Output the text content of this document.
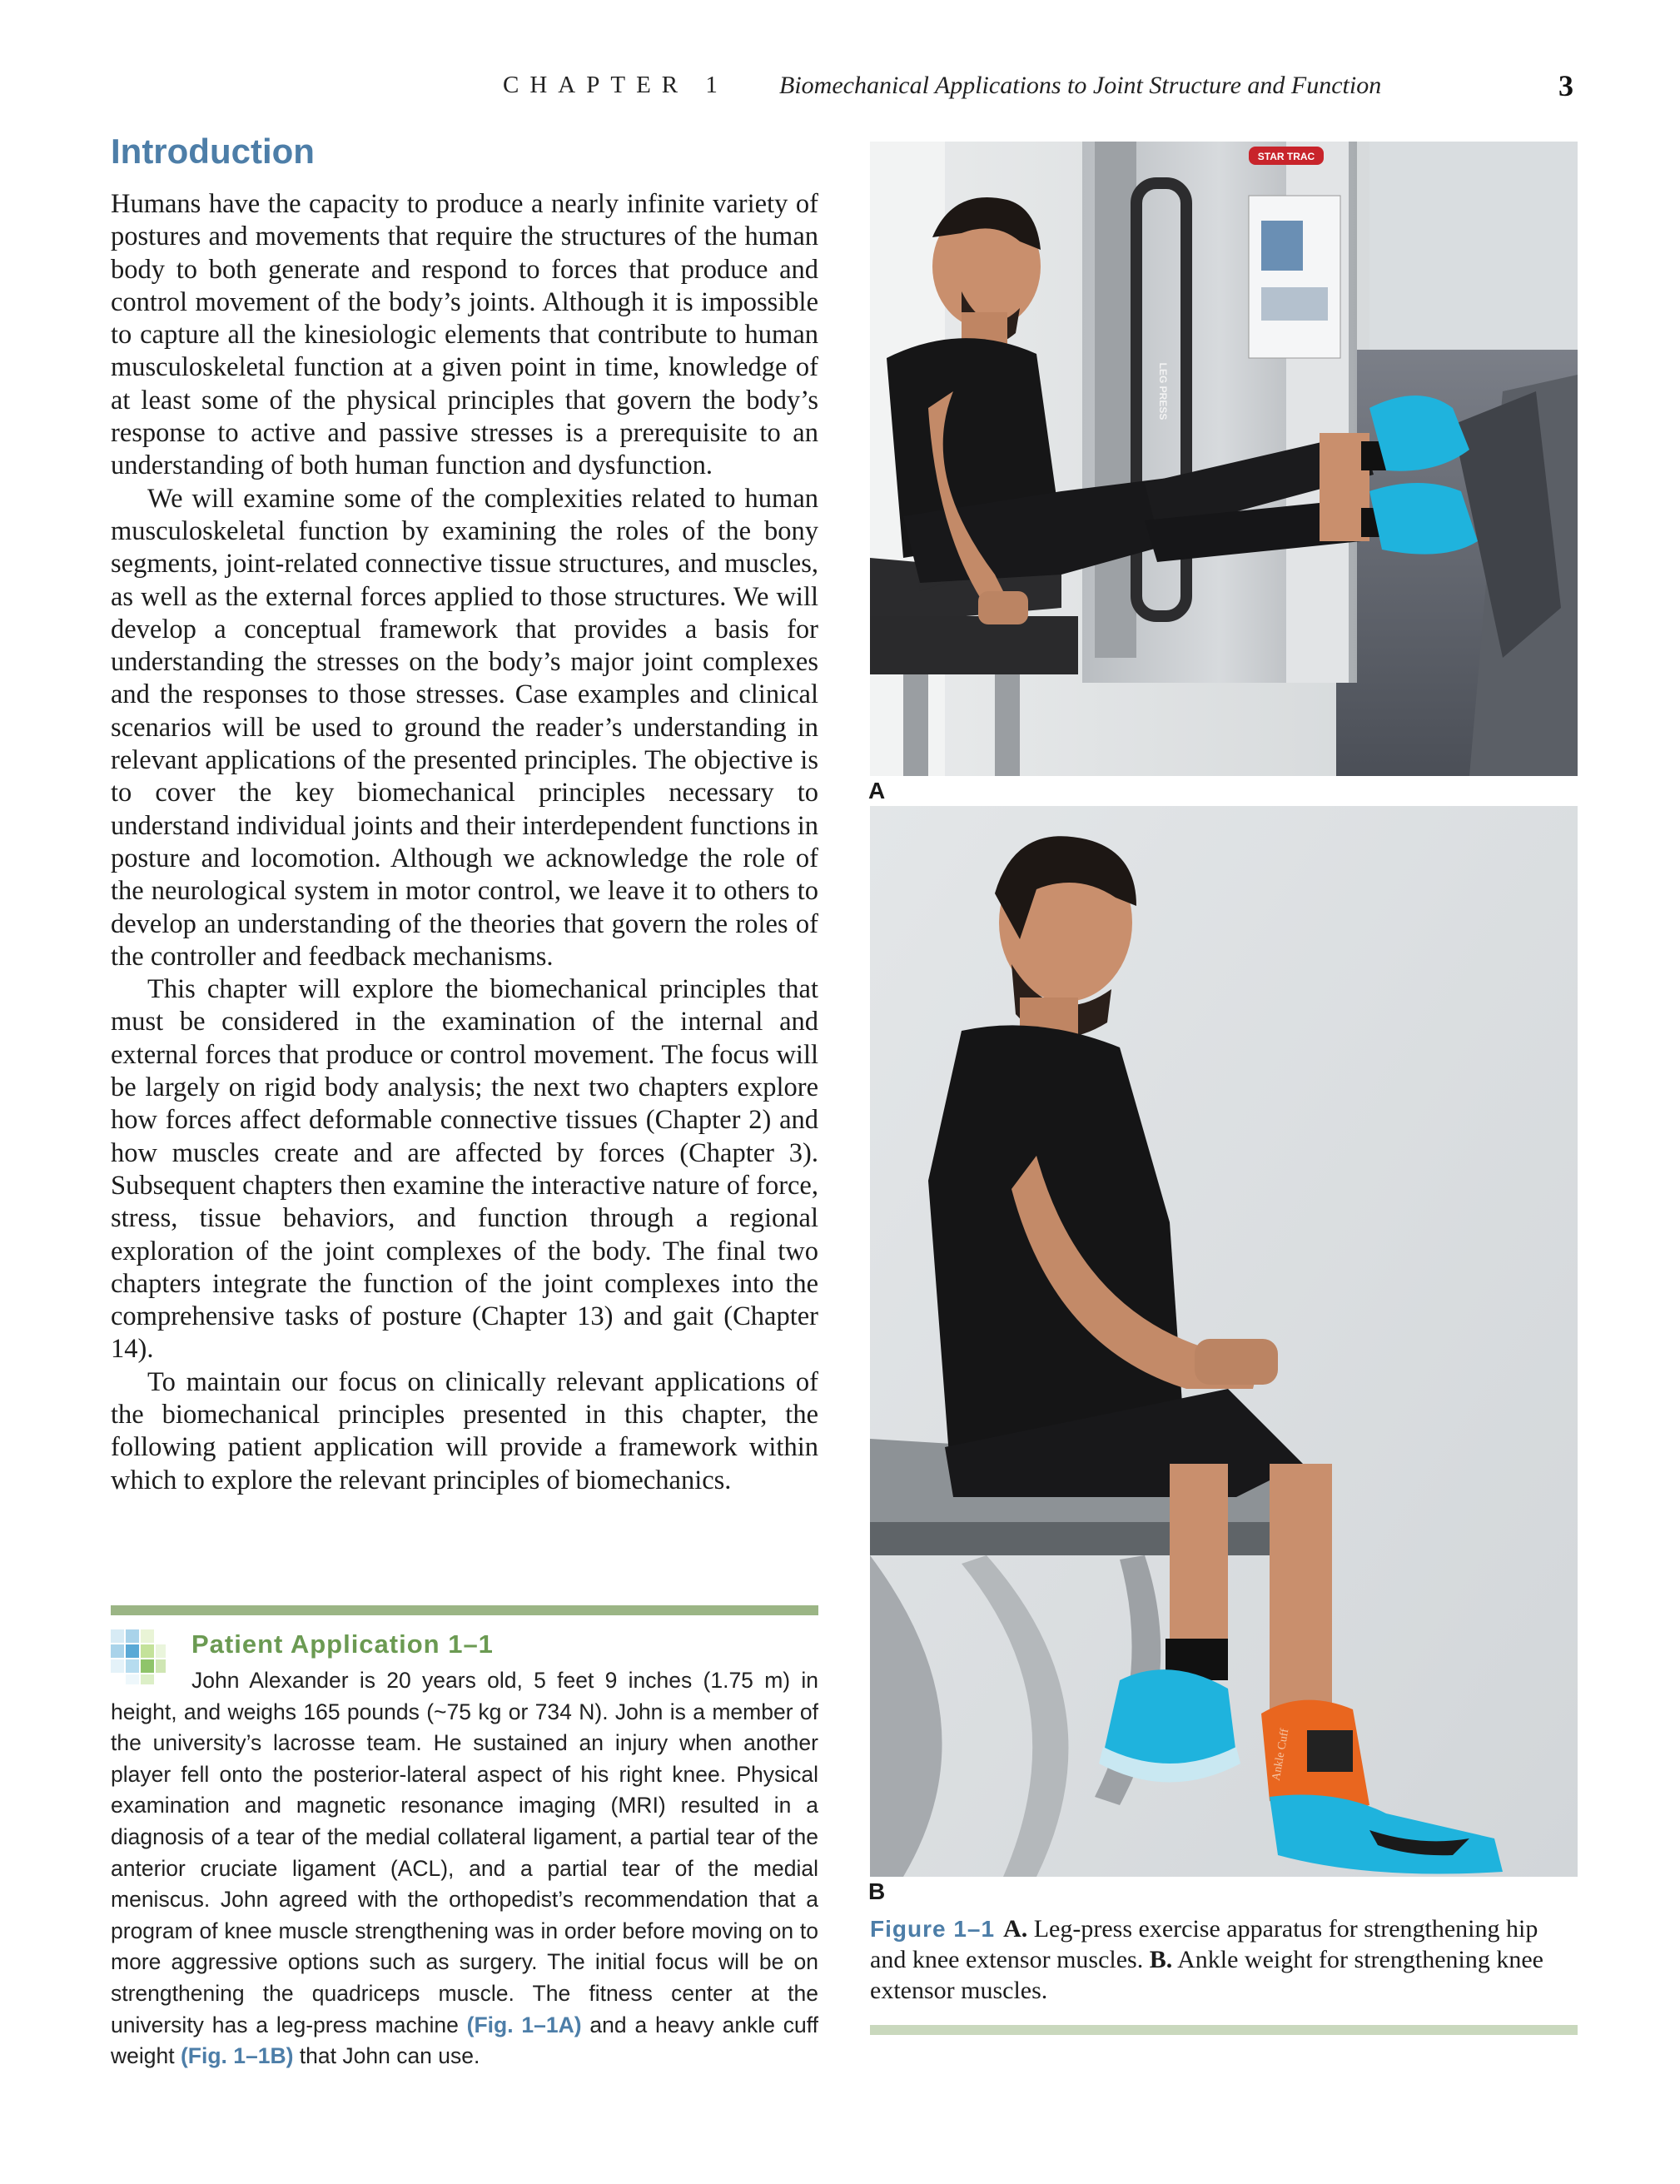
CHAPTER 1 Biomechanical Applications to Joint Structure and Function	3
Introduction

Humans have the capacity to produce a nearly infinite variety of postures and movements that require the structures of the human body to both generate and respond to forces that produce and control movement of the body’s joints. Although it is impossible to capture all the kinesiologic elements that contribute to human musculoskeletal function at a given point in time, knowledge of at least some of the physical principles that govern the body’s response to active and passive stresses is a prerequisite to an understanding of both human function and dysfunction.

We will examine some of the complexities related to human musculoskeletal function by examining the roles of the bony segments, joint-related connective tissue structures, and muscles, as well as the external forces applied to those structures. We will develop a conceptual framework that provides a basis for understanding the stresses on the body’s major joint complexes and the responses to those stresses. Case examples and clinical scenarios will be used to ground the reader’s understanding in relevant applications of the presented principles. The objective is to cover the key biomechanical principles necessary to understand individual joints and their interdependent functions in posture and locomotion. Although we acknowledge the role of the neurological system in motor control, we leave it to others to develop an understanding of the theories that govern the roles of the controller and feedback mechanisms.

This chapter will explore the biomechanical principles that must be considered in the examination of the internal and external forces that produce or control movement. The focus will be largely on rigid body analysis; the next two chapters explore how forces affect deformable connective tissues (Chapter 2) and how muscles create and are affected by forces (Chapter 3). Subsequent chapters then examine the interactive nature of force, stress, tissue behaviors, and function through a regional exploration of the joint complexes of the body. The final two chapters integrate the function of the joint complexes into the comprehensive tasks of posture (Chapter 13) and gait (Chapter 14).

To maintain our focus on clinically relevant applications of the biomechanical principles presented in this chapter, the following patient application will provide a framework within which to explore the relevant principles of biomechanics.

Patient Application 1–1

John Alexander is 20 years old, 5 feet 9 inches (1.75 m) in height, and weighs 165 pounds (~75 kg or 734 N). John is a member of the university’s lacrosse team. He sustained an injury when another player fell onto the posterior-lateral aspect of his right knee. Physical examination and magnetic resonance imaging (MRI) resulted in a diagnosis of a tear of the medial collateral ligament, a partial tear of the anterior cruciate ligament (ACL), and a partial tear of the medial meniscus. John agreed with the orthopedist’s recommendation that a program of knee muscle strengthening was in order before moving on to more aggressive options such as surgery. The initial focus will be on strengthening the quadriceps muscle. The fitness center at the university has a leg-press machine (Fig. 1–1A) and a heavy ankle cuff weight (Fig. 1–1B) that John can use.

STAR TRAC
LEG PRESS
A
Ankle Cuff
B

Figure 1–1 A. Leg-press exercise apparatus for strengthening hip and knee extensor muscles. B. Ankle weight for strengthening knee extensor muscles.
